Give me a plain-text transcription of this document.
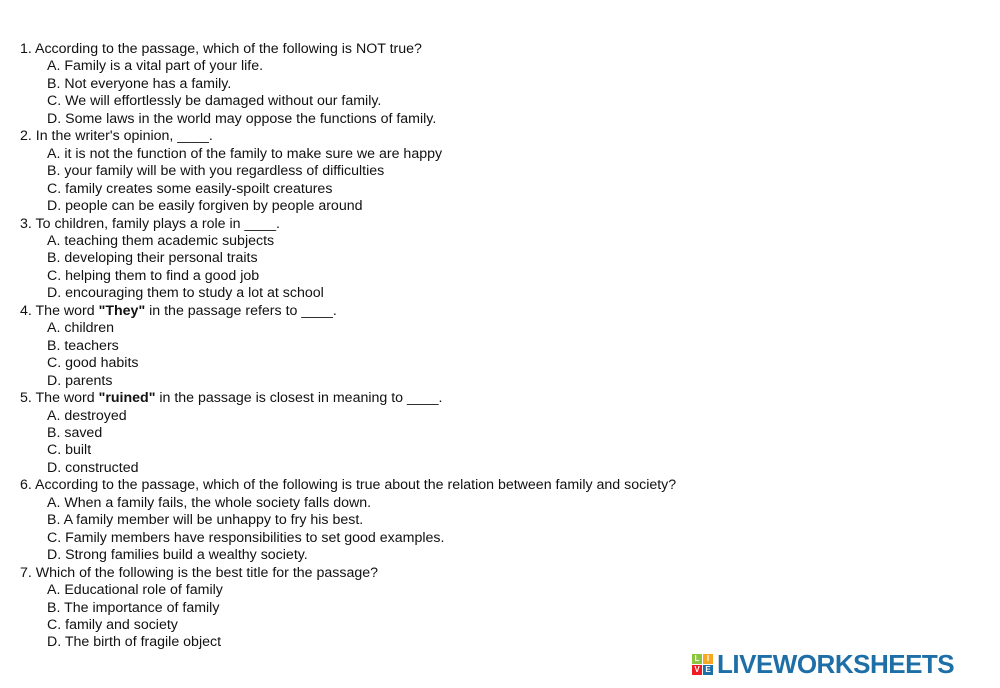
1. According to the passage, which of the following is NOT true?
A. Family is a vital part of your life.
B. Not everyone has a family.
C. We will effortlessly be damaged without our family.
D. Some laws in the world may oppose the functions of family.
2. In the writer's opinion, ____.
A. it is not the function of the family to make sure we are happy
B. your family will be with you regardless of difficulties
C. family creates some easily-spoilt creatures
D. people can be easily forgiven by people around
3. To children, family plays a role in ____.
A. teaching them academic subjects
B. developing their personal traits
C. helping them to find a good job
D. encouraging them to study a lot at school
4. The word "They" in the passage refers to ____.
A. children
B. teachers
C. good habits
D. parents
5. The word "ruined" in the passage is closest in meaning to ____.
A. destroyed
B. saved
C. built
D. constructed
6. According to the passage, which of the following is true about the relation between family and society?
A. When a family fails, the whole society falls down.
B. A family member will be unhappy to fry his best.
C. Family members have responsibilities to set good examples.
D. Strong families build a wealthy society.
7. Which of the following is the best title for the passage?
A. Educational role of family
B. The importance of family
C. family and society
D. The birth of fragile object
L I
V E LIVEWORKSHEETS
